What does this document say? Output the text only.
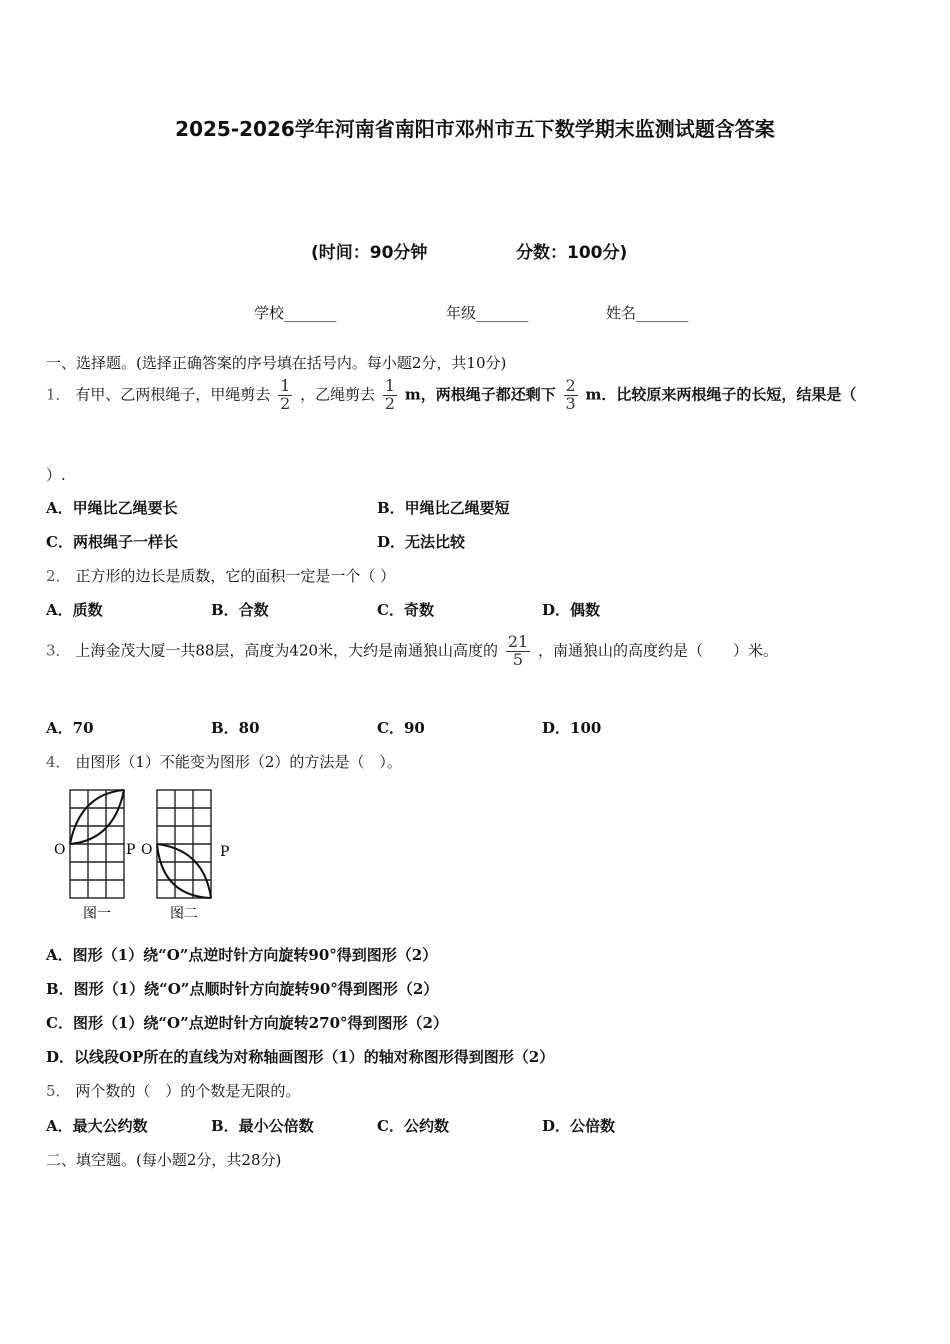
2025-2026学年河南省南阳市邓州市五下数学期末监测试题含答案
(时间：90分钟	分数：100分)
学校_______	年级_______	姓名_______
一、选择题。(选择正确答案的序号填在括号内。每小题2分，共10分)
1． 有甲、乙两根绳子，甲绳剪去 $\frac{1}{2}$ ，乙绳剪去 $\frac{1}{2}$ m，两根绳子都还剩下 $\frac{2}{3}$ m．比较原来两根绳子的长短，结果是（
）.
A．甲绳比乙绳要长	B．甲绳比乙绳要短
C．两根绳子一样长	D．无法比较
2． 正方形的边长是质数，它的面积一定是一个（ ）
A．质数	B．合数	C．奇数	D．偶数
3． 上海金茂大厦一共88层，高度为420米，大约是南通狼山高度的 $\frac{21}{5}$ ，南通狼山的高度约是（　　）米。
A．70	B．80	C．90	D．100
4． 由图形（1）不能变为图形（2）的方法是（　）。
O	P
图一
O	P
图二
A．图形（1）绕“O”点逆时针方向旋转90°得到图形（2）
B．图形（1）绕“O”点顺时针方向旋转90°得到图形（2）
C．图形（1）绕“O”点逆时针方向旋转270°得到图形（2）
D．以线段OP所在的直线为对称轴画图形（1）的轴对称图形得到图形（2）
5． 两个数的（　）的个数是无限的。
A．最大公约数	B．最小公倍数	C．公约数	D．公倍数
二、填空题。(每小题2分，共28分)
